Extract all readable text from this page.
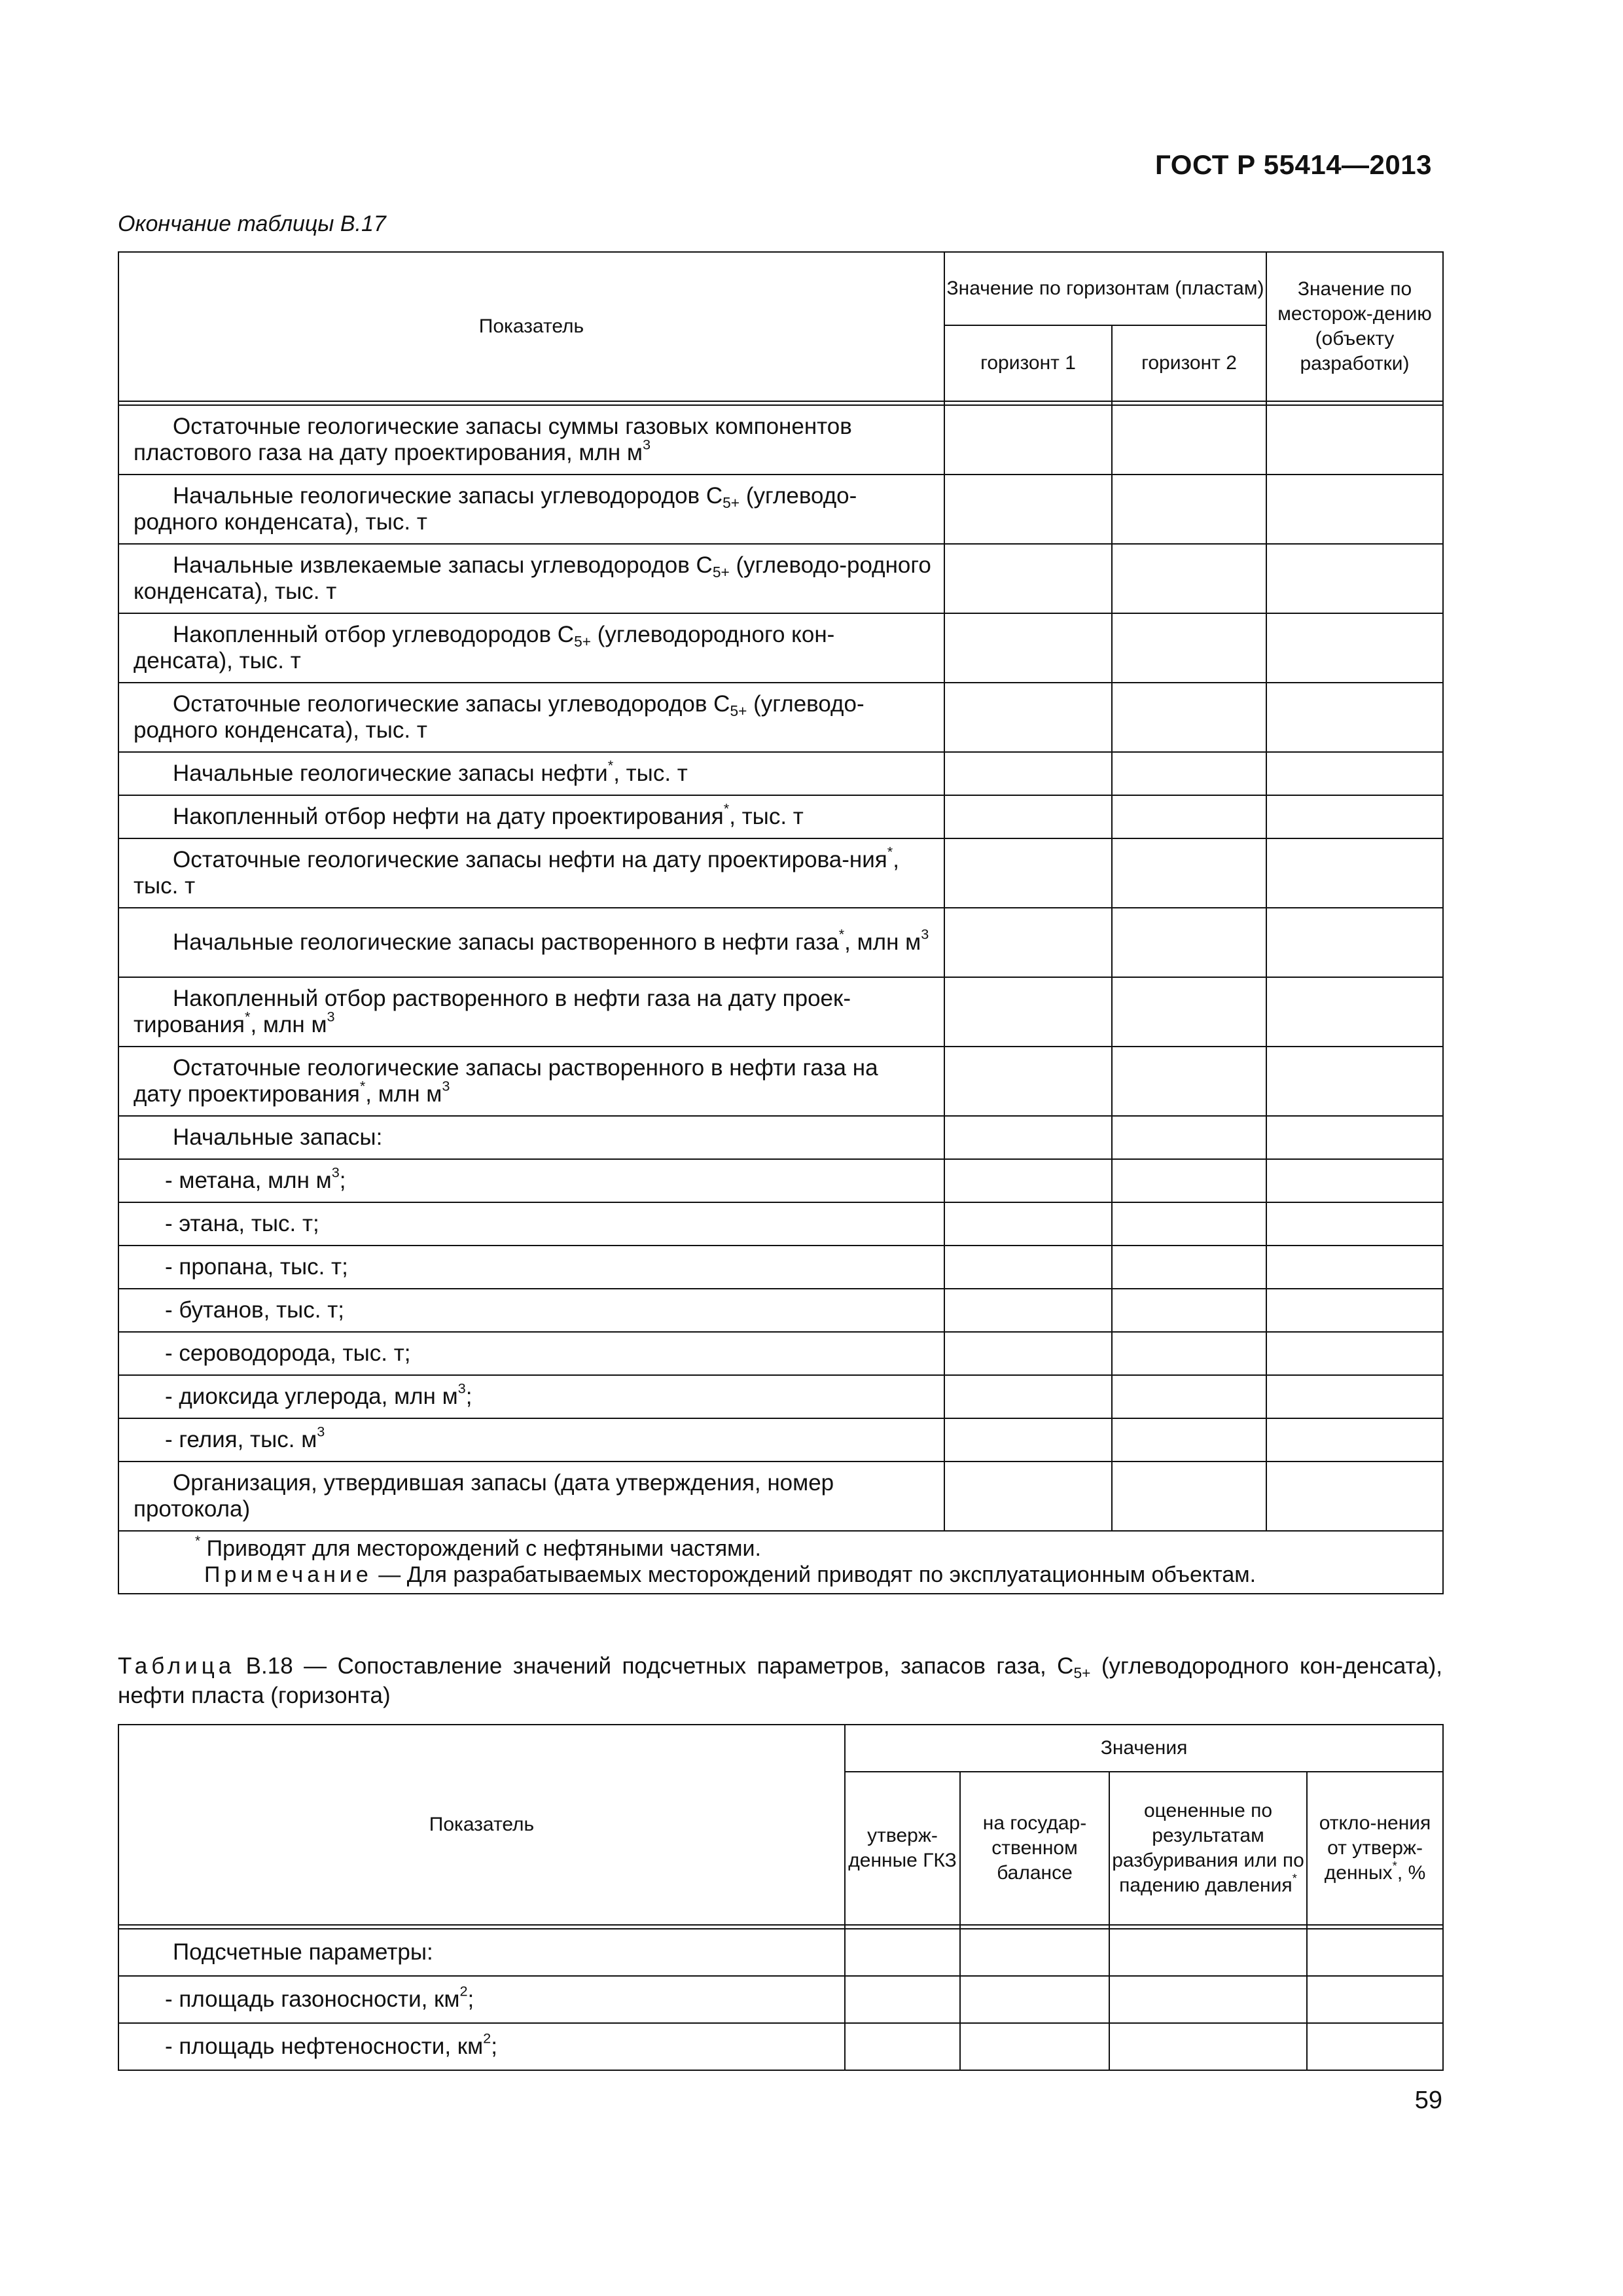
ГОСТ Р 55414—2013
Окончание таблицы В.17
Показатель	Значение по горизонтам (пластам)		Значение по месторож-дению (объекту разработки)
	горизонт 1	горизонт 2	

Остаточные геологические запасы суммы газовых компонентов пластового газа на дату проектирования, млн $м^3$			
Начальные геологические запасы углеводородов $С_{5+}$ (углеводо-родного конденсата), тыс. т			
Начальные извлекаемые запасы углеводородов $С_{5+}$ (углеводо-родного конденсата), тыс. т			
Накопленный отбор углеводородов $С_{5+}$ (углеводородного кон-денсата), тыс. т			
Остаточные геологические запасы углеводородов $С_{5+}$ (углеводо-родного конденсата), тыс. т			
Начальные геологические запасы нефти*, тыс. т			
Накопленный отбор нефти на дату проектирования*, тыс. т			
Остаточные геологические запасы нефти на дату проектирова-ния*, тыс. т			
Начальные геологические запасы растворенного в нефти газа*, млн $м^3$			
Накопленный отбор растворенного в нефти газа на дату проек-тирования*, млн $м^3$			
Остаточные геологические запасы растворенного в нефти газа на дату проектирования*, млн $м^3$			
Начальные запасы:			
- метана, млн $м^3$;			
- этана, тыс. т;			
- пропана, тыс. т;			
- бутанов, тыс. т;			
- сероводорода, тыс. т;			
- диоксида углерода, млн $м^3$;			
- гелия, тыс. $м^3$			
Организация, утвердившая запасы (дата утверждения, номер протокола)			

* Приводят для месторождений с нефтяными частями.
Примечание — Для разрабатываемых месторождений приводят по эксплуатационным объектам.			
Таблица В.18 — Сопоставление значений подсчетных параметров, запасов газа, $С_{5+}$ (углеводородного кон-денсата), нефти пласта (горизонта)
Показатель	Значения			
	утверж-денные ГКЗ	на государ-ственном балансе	оцененные по результатам разбуривания или по падению давления*	откло-нения от утверж-денных*, %

Подсчетные параметры:				
- площадь газоносности, $км^2$;				
- площадь нефтеносности, $км^2$;				
59
